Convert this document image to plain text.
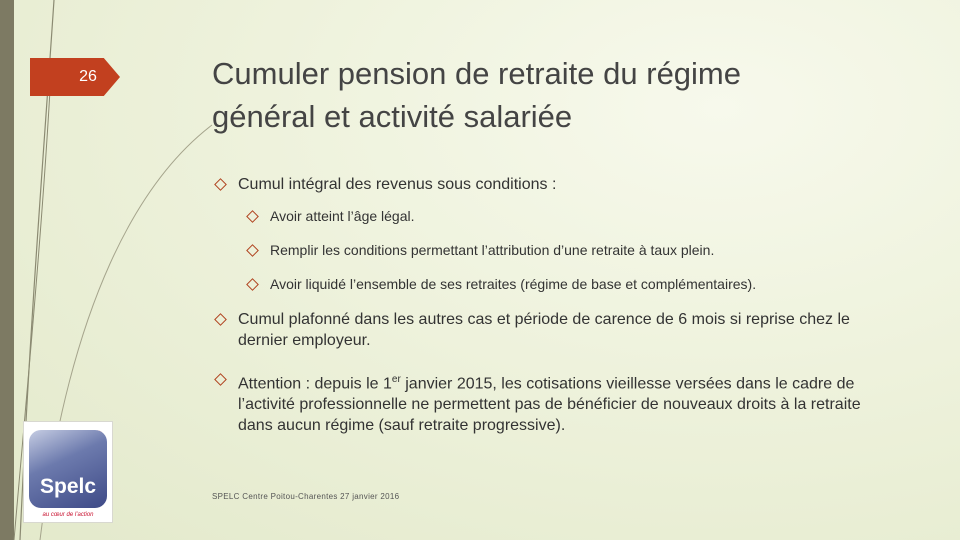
26	Cumuler pension de retraite du régime
général et activité salariée
Cumul intégral des revenus sous conditions :
Avoir atteint l’âge légal.
Remplir les conditions permettant l’attribution d’une retraite à taux plein.
Avoir liquidé l’ensemble de ses retraites (régime de base et complémentaires).
Cumul plafonné dans les autres cas et période de carence de 6 mois si reprise chez le dernier employeur.
Attention : depuis le 1er janvier 2015, les cotisations vieillesse versées dans le cadre de l’activité professionnelle ne permettent pas de bénéficier de nouveaux droits à la retraite dans aucun régime (sauf retraite progressive).
Spelc
au cœur de l’action
SPELC Centre Poitou-Charentes 27 janvier 2016
